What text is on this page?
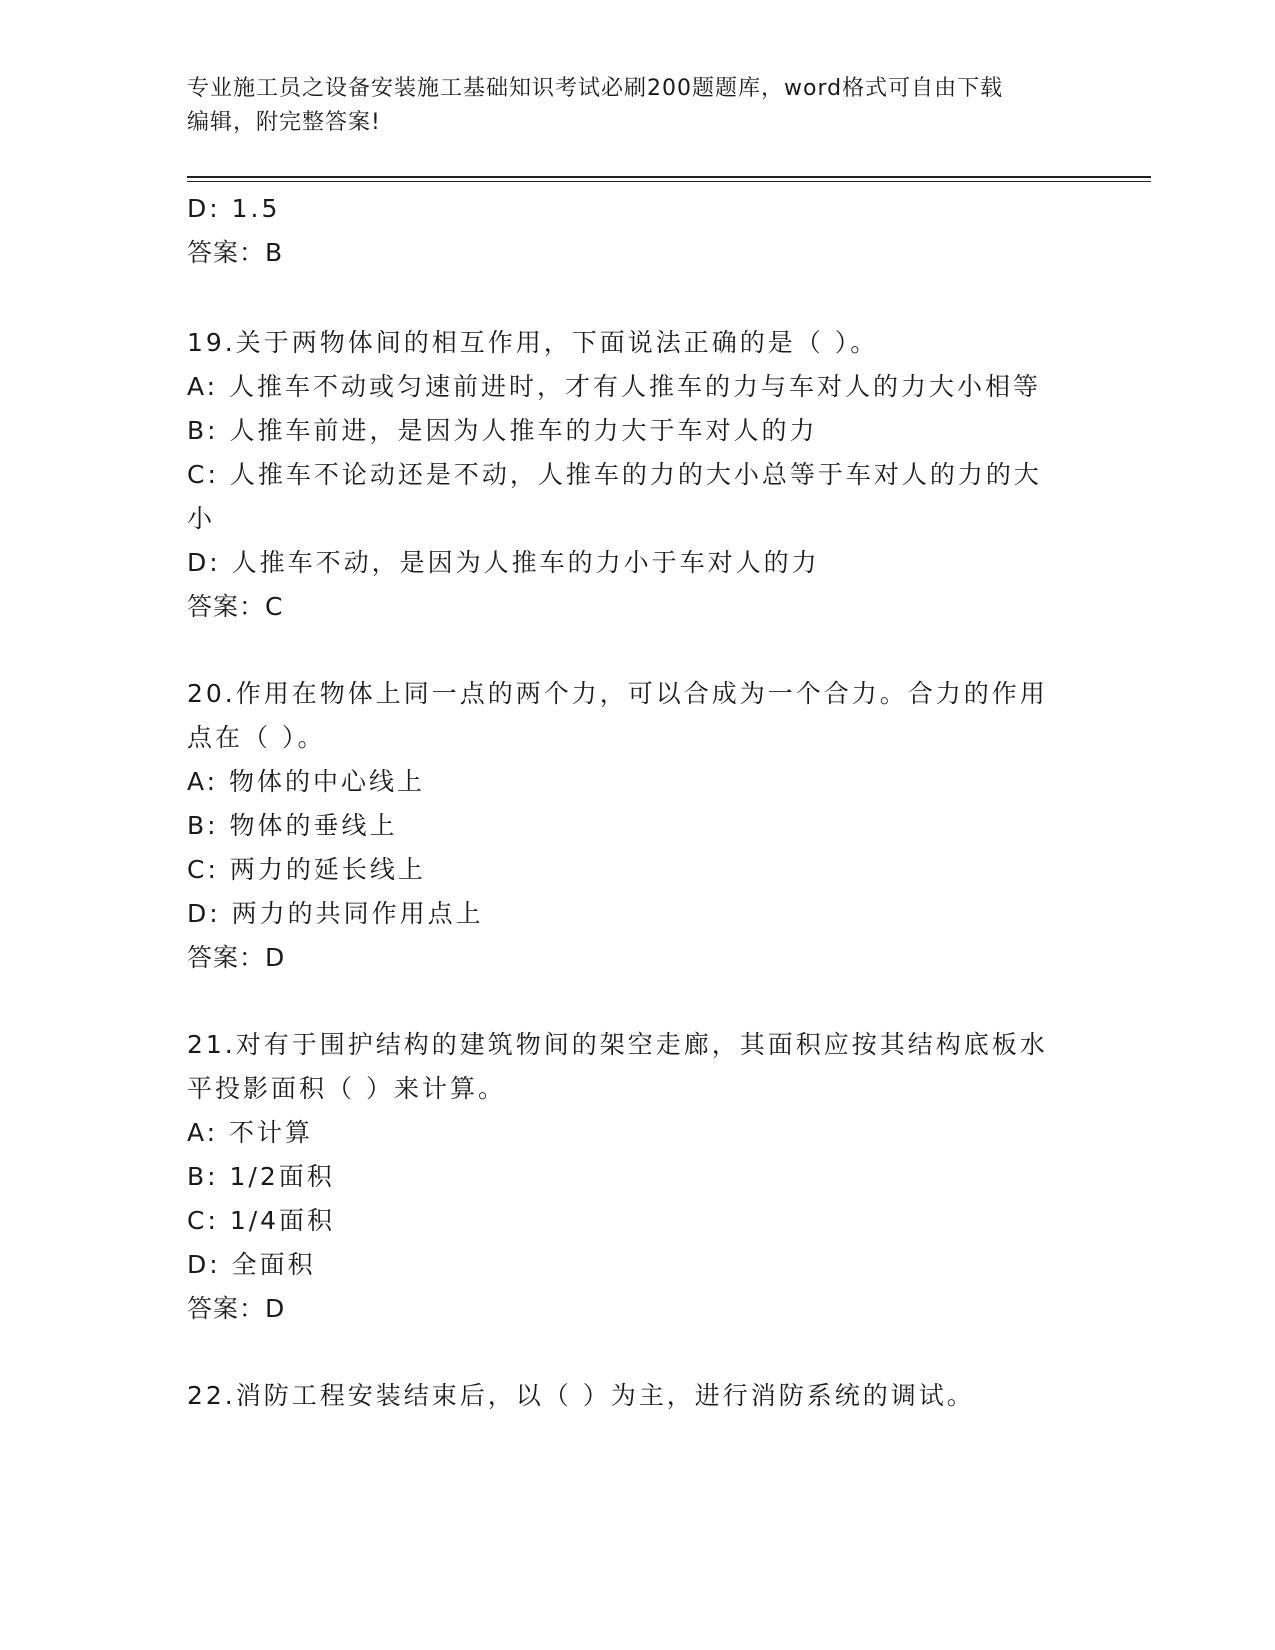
专业施工员之设备安装施工基础知识考试必刷200题题库，word格式可自由下载
编辑，附完整答案!
D: 1.5
答案：B
19.关于两物体间的相互作用，下面说法正确的是（ ）。
A: 人推车不动或匀速前进时，才有人推车的力与车对人的力大小相等
B: 人推车前进，是因为人推车的力大于车对人的力
C: 人推车不论动还是不动，人推车的力的大小总等于车对人的力的大
小
D: 人推车不动，是因为人推车的力小于车对人的力
答案：C
20.作用在物体上同一点的两个力，可以合成为一个合力。合力的作用
点在（ ）。
A: 物体的中心线上
B: 物体的垂线上
C: 两力的延长线上
D: 两力的共同作用点上
答案：D
21.对有于围护结构的建筑物间的架空走廊，其面积应按其结构底板水
平投影面积（ ）来计算。
A: 不计算
B: 1/2面积
C: 1/4面积
D: 全面积
答案：D
22.消防工程安装结束后，以（ ）为主，进行消防系统的调试。
